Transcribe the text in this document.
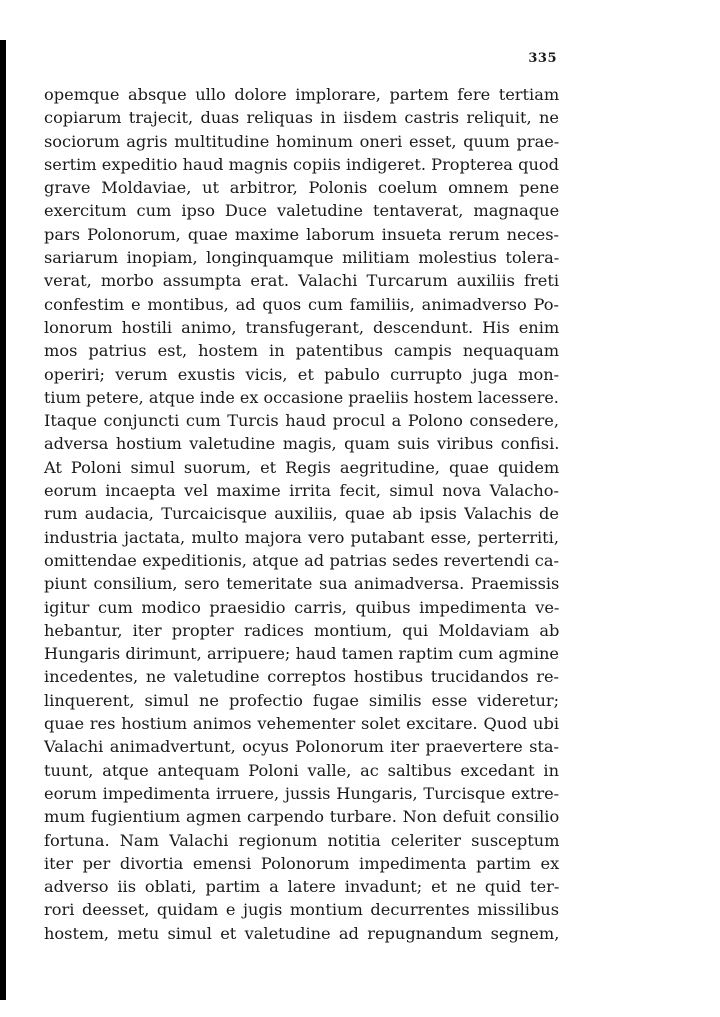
335
opemque absque ullo dolore implorare, partem fere tertiam
copiarum trajecit, duas reliquas in iisdem castris reliquit, ne
sociorum agris multitudine hominum oneri esset, quum prae-
sertim expeditio haud magnis copiis indigeret. Propterea quod
grave Moldaviae, ut arbitror, Polonis coelum omnem pene
exercitum cum ipso Duce valetudine tentaverat, magnaque
pars Polonorum, quae maxime laborum insueta rerum neces-
sariarum inopiam, longinquamque militiam molestius tolera-
verat, morbo assumpta erat. Valachi Turcarum auxiliis freti
confestim e montibus, ad quos cum familiis, animadverso Po-
lonorum hostili animo, transfugerant, descendunt. His enim
mos patrius est, hostem in patentibus campis nequaquam
operiri; verum exustis vicis, et pabulo currupto juga mon-
tium petere, atque inde ex occasione praeliis hostem lacessere.
Itaque conjuncti cum Turcis haud procul a Polono consedere,
adversa hostium valetudine magis, quam suis viribus confisi.
At Poloni simul suorum, et Regis aegritudine, quae quidem
eorum incaepta vel maxime irrita fecit, simul nova Valacho-
rum audacia, Turcaicisque auxiliis, quae ab ipsis Valachis de
industria jactata, multo majora vero putabant esse, perterriti,
omittendae expeditionis, atque ad patrias sedes revertendi ca-
piunt consilium, sero temeritate sua animadversa. Praemissis
igitur cum modico praesidio carris, quibus impedimenta ve-
hebantur, iter propter radices montium, qui Moldaviam ab
Hungaris dirimunt, arripuere; haud tamen raptim cum agmine
incedentes, ne valetudine correptos hostibus trucidandos re-
linquerent, simul ne profectio fugae similis esse videretur;
quae res hostium animos vehementer solet excitare. Quod ubi
Valachi animadvertunt, ocyus Polonorum iter praevertere sta-
tuunt, atque antequam Poloni valle, ac saltibus excedant in
eorum impedimenta irruere, jussis Hungaris, Turcisque extre-
mum fugientium agmen carpendo turbare. Non defuit consilio
fortuna. Nam Valachi regionum notitia celeriter susceptum
iter per divortia emensi Polonorum impedimenta partim ex
adverso iis oblati, partim a latere invadunt; et ne quid ter-
rori deesset, quidam e jugis montium decurrentes missilibus
hostem, metu simul et valetudine ad repugnandum segnem,
